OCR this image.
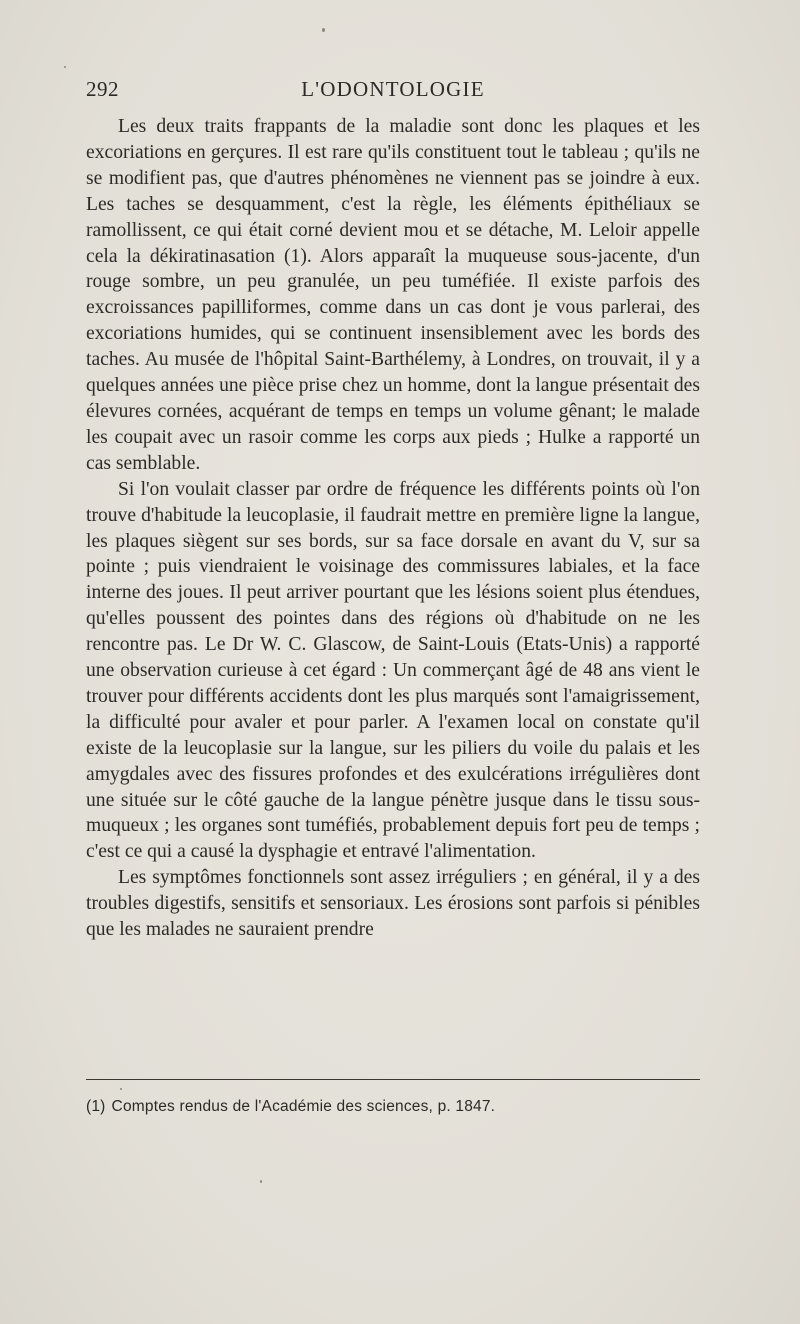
292	L'ODONTOLOGIE

Les deux traits frappants de la maladie sont donc les plaques et les excoriations en gerçures. Il est rare qu'ils constituent tout le tableau ; qu'ils ne se modifient pas, que d'autres phénomènes ne viennent pas se joindre à eux. Les taches se desquamment, c'est la règle, les éléments épithéliaux se ramollissent, ce qui était corné devient mou et se détache, M. Leloir appelle cela la dékiratinasation (1). Alors apparaît la muqueuse sous-jacente, d'un rouge sombre, un peu granulée, un peu tuméfiée. Il existe parfois des excroissances papilliformes, comme dans un cas dont je vous parlerai, des excoriations humides, qui se continuent insensiblement avec les bords des taches. Au musée de l'hôpital Saint-Barthélemy, à Londres, on trouvait, il y a quelques années une pièce prise chez un homme, dont la langue présentait des élevures cornées, acquérant de temps en temps un volume gênant; le malade les coupait avec un rasoir comme les corps aux pieds ; Hulke a rapporté un cas semblable.

Si l'on voulait classer par ordre de fréquence les différents points où l'on trouve d'habitude la leucoplasie, il faudrait mettre en première ligne la langue, les plaques siègent sur ses bords, sur sa face dorsale en avant du V, sur sa pointe ; puis viendraient le voisinage des commissures labiales, et la face interne des joues. Il peut arriver pourtant que les lésions soient plus étendues, qu'elles poussent des pointes dans des régions où d'habitude on ne les rencontre pas. Le Dr W. C. Glascow, de Saint-Louis (Etats-Unis) a rapporté une observation curieuse à cet égard : Un commerçant âgé de 48 ans vient le trouver pour différents accidents dont les plus marqués sont l'amaigrissement, la difficulté pour avaler et pour parler. A l'examen local on constate qu'il existe de la leucoplasie sur la langue, sur les piliers du voile du palais et les amygdales avec des fissures profondes et des exulcérations irrégulières dont une située sur le côté gauche de la langue pénètre jusque dans le tissu sous-muqueux ; les organes sont tuméfiés, probablement depuis fort peu de temps ; c'est ce qui a causé la dysphagie et entravé l'alimentation.

Les symptômes fonctionnels sont assez irréguliers ; en général, il y a des troubles digestifs, sensitifs et sensoriaux. Les érosions sont parfois si pénibles que les malades ne sauraient prendre

(1) Comptes rendus de l'Académie des sciences, p. 1847.
